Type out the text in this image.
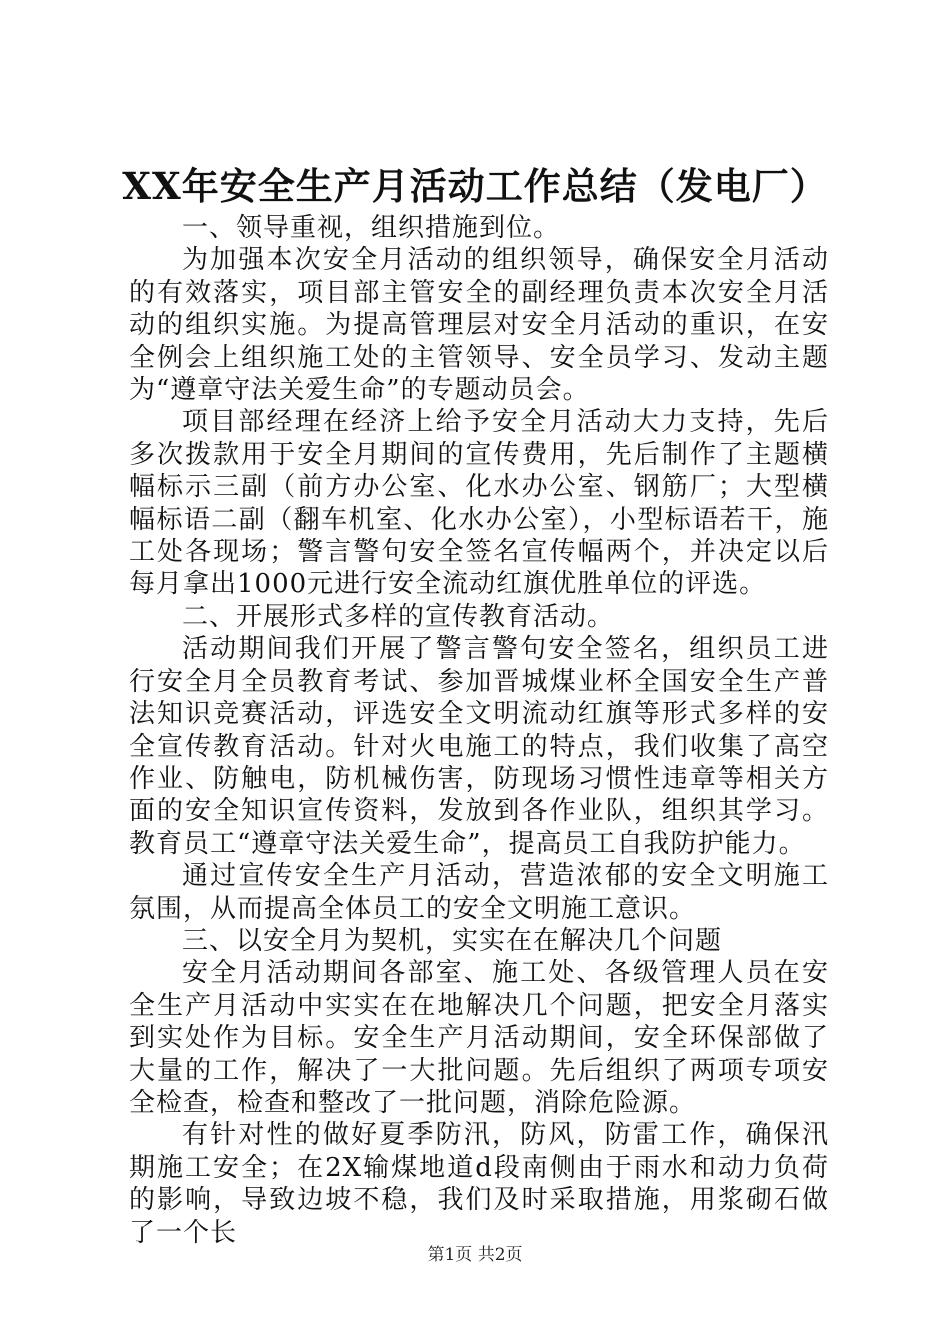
XX年安全生产月活动工作总结（发电厂）

一、领导重视，组织措施到位。

为加强本次安全月活动的组织领导，确保安全月活动的有效落实，项目部主管安全的副经理负责本次安全月活动的组织实施。为提高管理层对安全月活动的重识，在安全例会上组织施工处的主管领导、安全员学习、发动主题为“遵章守法关爱生命”的专题动员会。

项目部经理在经济上给予安全月活动大力支持，先后多次拨款用于安全月期间的宣传费用，先后制作了主题横幅标示三副（前方办公室、化水办公室、钢筋厂；大型横幅标语二副（翻车机室、化水办公室），小型标语若干，施工处各现场；警言警句安全签名宣传幅两个，并决定以后每月拿出1000元进行安全流动红旗优胜单位的评选。

二、开展形式多样的宣传教育活动。

活动期间我们开展了警言警句安全签名，组织员工进行安全月全员教育考试、参加晋城煤业杯全国安全生产普法知识竞赛活动，评选安全文明流动红旗等形式多样的安全宣传教育活动。针对火电施工的特点，我们收集了高空作业、防触电，防机械伤害，防现场习惯性违章等相关方面的安全知识宣传资料，发放到各作业队，组织其学习。教育员工“遵章守法关爱生命”，提高员工自我防护能力。

通过宣传安全生产月活动，营造浓郁的安全文明施工氛围，从而提高全体员工的安全文明施工意识。

三、以安全月为契机，实实在在解决几个问题

安全月活动期间各部室、施工处、各级管理人员在安全生产月活动中实实在在地解决几个问题，把安全月落实到实处作为目标。安全生产月活动期间，安全环保部做了大量的工作，解决了一大批问题。先后组织了两项专项安全检查，检查和整改了一批问题，消除危险源。

有针对性的做好夏季防汛，防风，防雷工作，确保汛期施工安全；在2X输煤地道d段南侧由于雨水和动力负荷的影响，导致边坡不稳，我们及时采取措施，用浆砌石做了一个长

第1页 共2页
